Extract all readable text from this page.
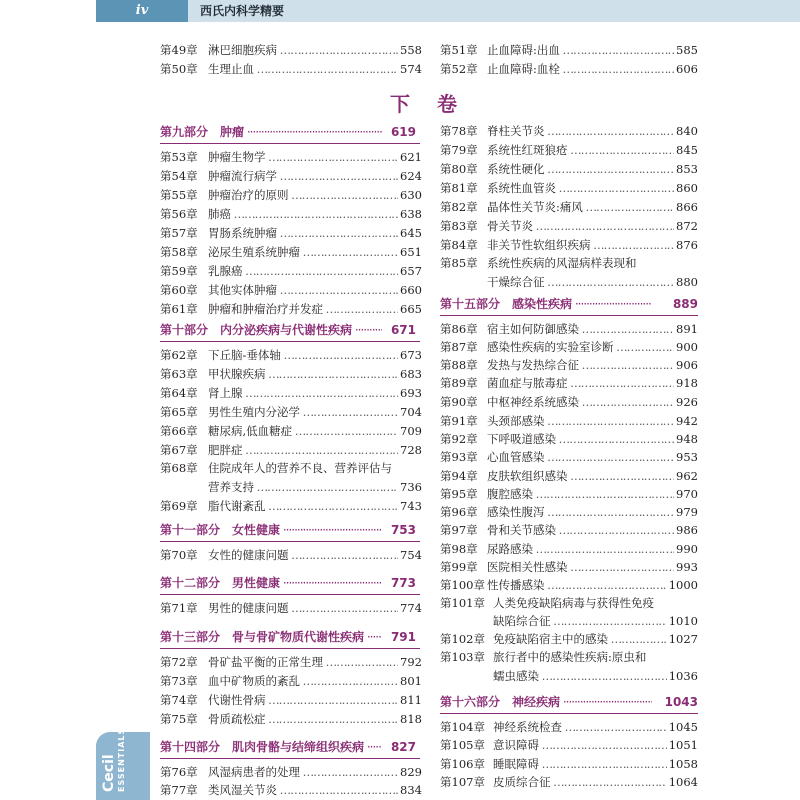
iv	西氏内科学精要
Cecil ESSENTIALS
下 卷
第49章 淋巴细胞疾病 ………………………………………………………………………………………	558
第50章 生理止血 ………………………………………………………………………………………	574
第九部分　肿瘤 ·····	619
第53章 肿瘤生物学 ………………………………………………………………………………………	621
第54章 肿瘤流行病学 ………………………………………………………………………………………	624
第55章 肿瘤治疗的原则 ………………………………………………………………………………………	630
第56章 肺癌 ………………………………………………………………………………………	638
第57章 胃肠系统肿瘤 ………………………………………………………………………………………	645
第58章 泌尿生殖系统肿瘤 ………………………………………………………………………………………	651
第59章 乳腺癌 ………………………………………………………………………………………	657
第60章 其他实体肿瘤 ………………………………………………………………………………………	660
第61章 肿瘤和肿瘤治疗并发症 ………………………………………………………………………………………	665
第十部分　内分泌疾病与代谢性疾病 ·····	671
第62章 下丘脑-垂体轴 ………………………………………………………………………………………	673
第63章 甲状腺疾病 ………………………………………………………………………………………	683
第64章 肾上腺 ………………………………………………………………………………………	693
第65章 男性生殖内分泌学 ………………………………………………………………………………………	704
第66章 糖尿病,低血糖症 ………………………………………………………………………………………	709
第67章 肥胖症 ………………………………………………………………………………………	728
第68章 住院成年人的营养不良、营养评估与
营养支持 ………………………………………………………………………………………	736
第69章 脂代谢紊乱 ………………………………………………………………………………………	743
第十一部分　女性健康 ·····	753
第70章 女性的健康问题 ………………………………………………………………………………………	754
第十二部分　男性健康 ·····	773
第71章 男性的健康问题 ………………………………………………………………………………………	774
第十三部分　骨与骨矿物质代谢性疾病 ·····	791
第72章 骨矿盐平衡的正常生理 ………………………………………………………………………………………	792
第73章 血中矿物质的紊乱 ………………………………………………………………………………………	801
第74章 代谢性骨病 ………………………………………………………………………………………	811
第75章 骨质疏松症 ………………………………………………………………………………………	818
第十四部分　肌肉骨骼与结缔组织疾病 ·····	827
第76章 风湿病患者的处理 ………………………………………………………………………………………	829
第77章 类风湿关节炎 ………………………………………………………………………………………	834
第51章 止血障碍:出血 ………………………………………………………………………………………	585
第52章 止血障碍:血栓 ………………………………………………………………………………………	606
第78章 脊柱关节炎 ………………………………………………………………………………………	840
第79章 系统性红斑狼疮 ………………………………………………………………………………………	845
第80章 系统性硬化 ………………………………………………………………………………………	853
第81章 系统性血管炎 ………………………………………………………………………………………	860
第82章 晶体性关节炎:痛风 ………………………………………………………………………………………	866
第83章 骨关节炎 ………………………………………………………………………………………	872
第84章 非关节性软组织疾病 ………………………………………………………………………………………	876
第85章 系统性疾病的风湿病样表现和
干燥综合征 ………………………………………………………………………………………	880
第十五部分　感染性疾病 ·····	889
第86章 宿主如何防御感染 ………………………………………………………………………………………	891
第87章 感染性疾病的实验室诊断 ………………………………………………………………………………………	900
第88章 发热与发热综合征 ………………………………………………………………………………………	906
第89章 菌血症与脓毒症 ………………………………………………………………………………………	918
第90章 中枢神经系统感染 ………………………………………………………………………………………	926
第91章 头颈部感染 ………………………………………………………………………………………	942
第92章 下呼吸道感染 ………………………………………………………………………………………	948
第93章 心血管感染 ………………………………………………………………………………………	953
第94章 皮肤软组织感染 ………………………………………………………………………………………	962
第95章 腹腔感染 ………………………………………………………………………………………	970
第96章 感染性腹泻 ………………………………………………………………………………………	979
第97章 骨和关节感染 ………………………………………………………………………………………	986
第98章 尿路感染 ………………………………………………………………………………………	990
第99章 医院相关性感染 ………………………………………………………………………………………	993
第100章 性传播感染 ………………………………………………………………………………………	1000
第101章 人类免疫缺陷病毒与获得性免疫
缺陷综合征 ………………………………………………………………………………………	1010
第102章 免疫缺陷宿主中的感染 ………………………………………………………………………………………	1027
第103章 旅行者中的感染性疾病:原虫和
蠕虫感染 ………………………………………………………………………………………	1036
第十六部分　神经疾病 ·····	1043
第104章 神经系统检查 ………………………………………………………………………………………	1045
第105章 意识障碍 ………………………………………………………………………………………	1051
第106章 睡眠障碍 ………………………………………………………………………………………	1058
第107章 皮质综合征 ………………………………………………………………………………………	1064
